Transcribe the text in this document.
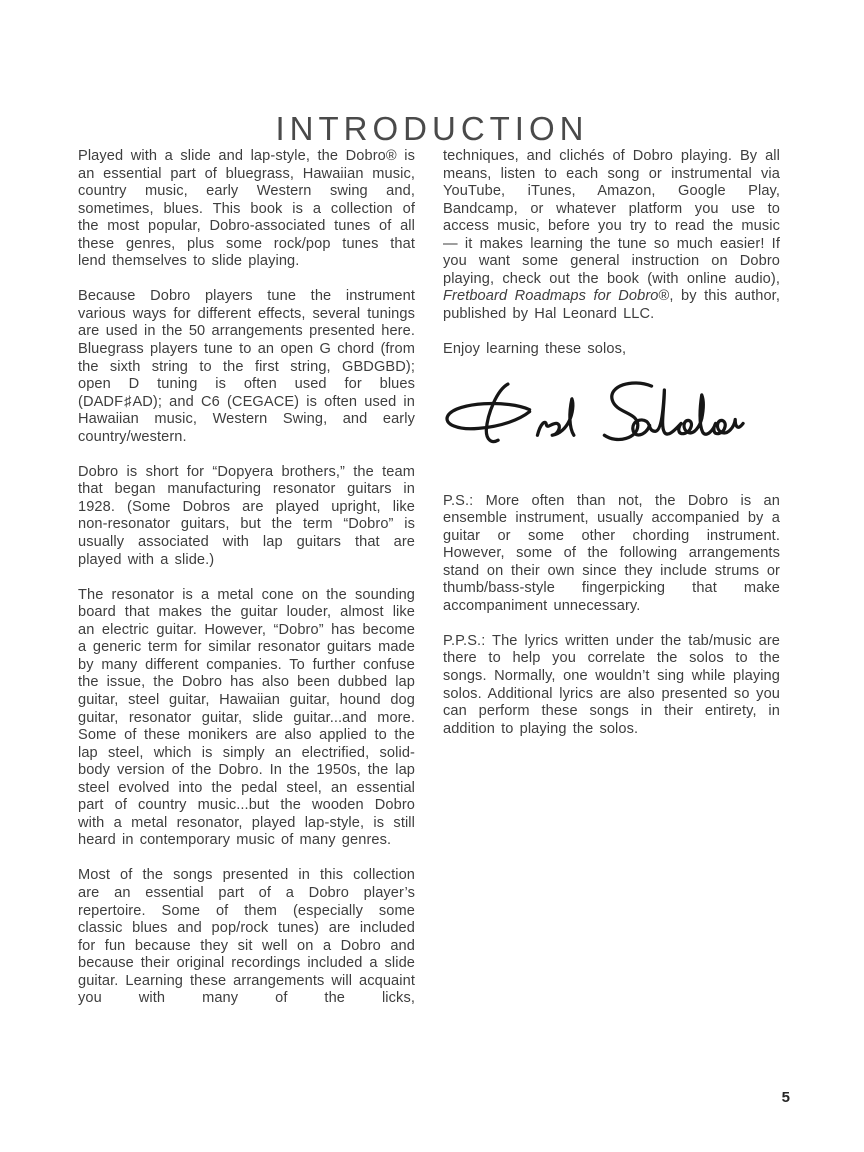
INTRODUCTION

Played with a slide and lap-style, the Dobro® is an essential part of bluegrass, Hawaiian music, country music, early Western swing and, sometimes, blues. This book is a collection of the most popular, Dobro-associated tunes of all these genres, plus some rock/pop tunes that lend themselves to slide playing.

Because Dobro players tune the instrument various ways for different effects, several tunings are used in the 50 arrangements presented here. Bluegrass players tune to an open G chord (from the sixth string to the first string, GBDGBD); open D tuning is often used for blues (DADF♯AD); and C6 (CEGACE) is often used in Hawaiian music, Western Swing, and early country/western.

Dobro is short for “Dopyera brothers,” the team that began manufacturing resonator guitars in 1928. (Some Dobros are played upright, like non-resonator guitars, but the term “Dobro” is usually associated with lap guitars that are played with a slide.)

The resonator is a metal cone on the sounding board that makes the guitar louder, almost like an electric guitar. However, “Dobro” has become a generic term for similar resonator guitars made by many different companies. To further confuse the issue, the Dobro has also been dubbed lap guitar, steel guitar, Hawaiian guitar, hound dog guitar, resonator guitar, slide guitar...and more. Some of these monikers are also applied to the lap steel, which is simply an electrified, solid-body version of the Dobro. In the 1950s, the lap steel evolved into the pedal steel, an essential part of country music...but the wooden Dobro with a metal resonator, played lap-style, is still heard in contemporary music of many genres.

Most of the songs presented in this collection are an essential part of a Dobro player’s repertoire. Some of them (especially some classic blues and pop/rock tunes) are included for fun because they sit well on a Dobro and because their original recordings included a slide guitar. Learning these arrangements will acquaint you with many of the licks,

techniques, and clichés of Dobro playing. By all means, listen to each song or instrumental via YouTube, iTunes, Amazon, Google Play, Bandcamp, or whatever platform you use to access music, before you try to read the music — it makes learning the tune so much easier! If you want some general instruction on Dobro playing, check out the book (with online audio), Fretboard Roadmaps for Dobro®, by this author, published by Hal Leonard LLC.

Enjoy learning these solos,

P.S.: More often than not, the Dobro is an ensemble instrument, usually accompanied by a guitar or some other chording instrument. However, some of the following arrangements stand on their own since they include strums or thumb/bass-style fingerpicking that make accompaniment unnecessary.

P.P.S.: The lyrics written under the tab/music are there to help you correlate the solos to the songs. Normally, one wouldn’t sing while playing solos. Additional lyrics are also presented so you can perform these songs in their entirety, in addition to playing the solos.

5
